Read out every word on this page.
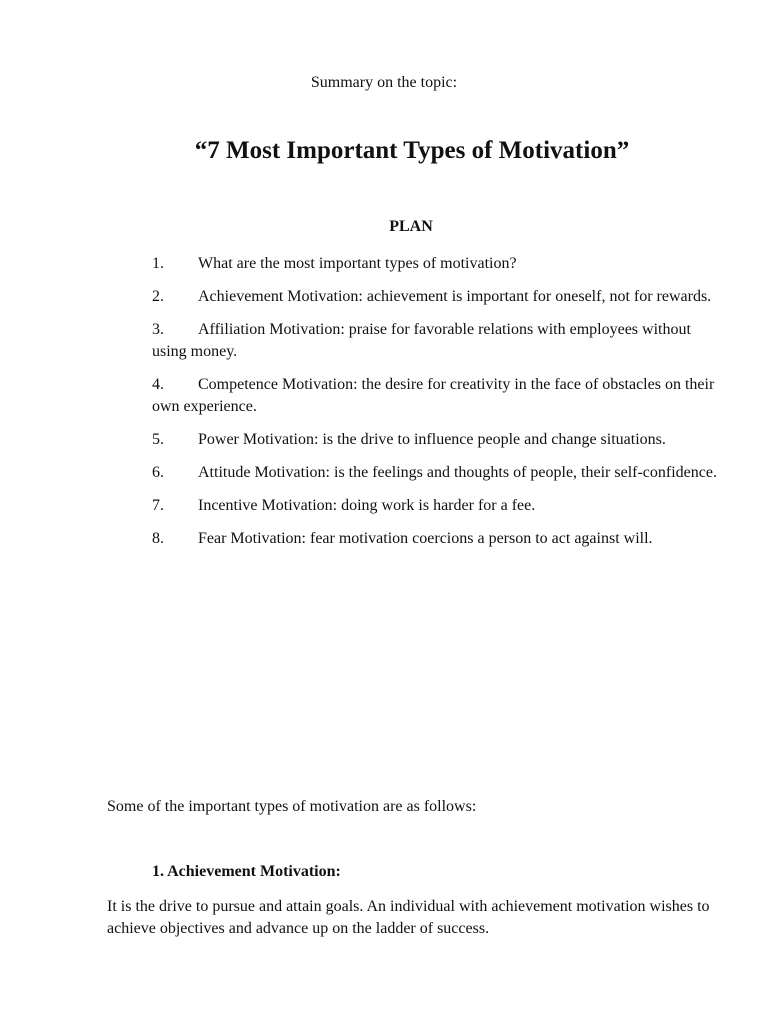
Summary on the topic:
“7 Most Important Types of Motivation”
PLAN
1. What are the most important types of motivation?
2. Achievement Motivation: achievement is important for oneself, not for rewards.
3. Affiliation Motivation: praise for favorable relations with employees without using money.
4. Competence Motivation: the desire for creativity in the face of obstacles on their own experience.
5. Power Motivation: is the drive to influence people and change situations.
6. Attitude Motivation: is the feelings and thoughts of people, their self-confidence.
7. Incentive Motivation: doing work is harder for a fee.
8. Fear Motivation: fear motivation coercions a person to act against will.

Some of the important types of motivation are as follows:

1. Achievement Motivation:

It is the drive to pursue and attain goals. An individual with achievement motivation wishes to achieve objectives and advance up on the ladder of success.
